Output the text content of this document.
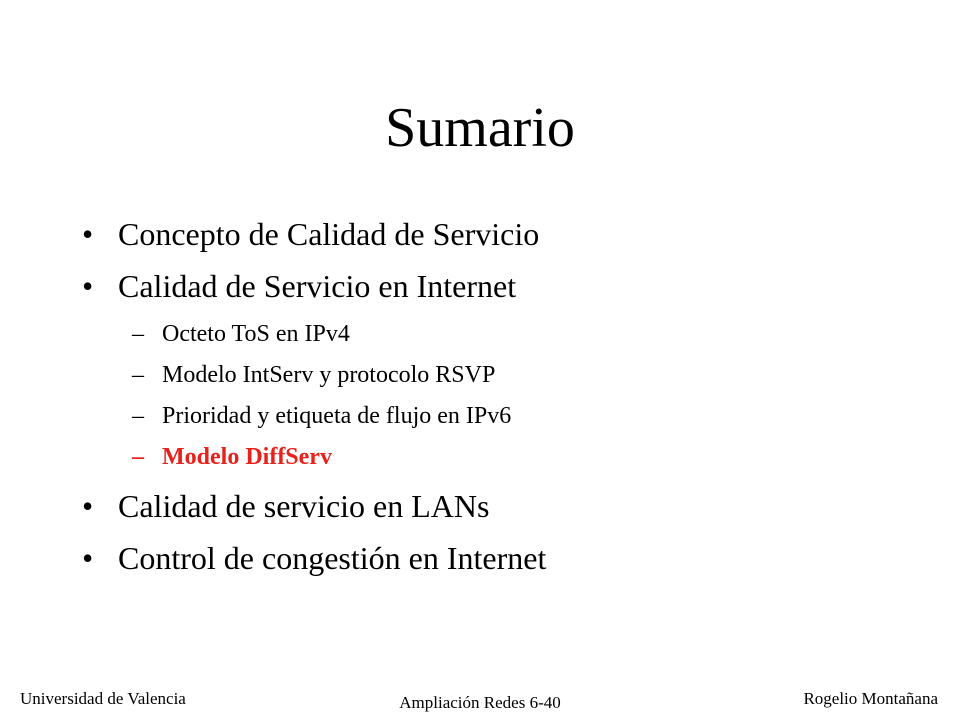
Sumario
• Concepto de Calidad de Servicio
• Calidad de Servicio en Internet
– Octeto ToS en IPv4
– Modelo IntServ y protocolo RSVP
– Prioridad y etiqueta de flujo en IPv6
– Modelo DiffServ
• Calidad de servicio en LANs
• Control de congestión en Internet
Universidad de Valencia	Ampliación Redes 6-40	Rogelio Montañana
